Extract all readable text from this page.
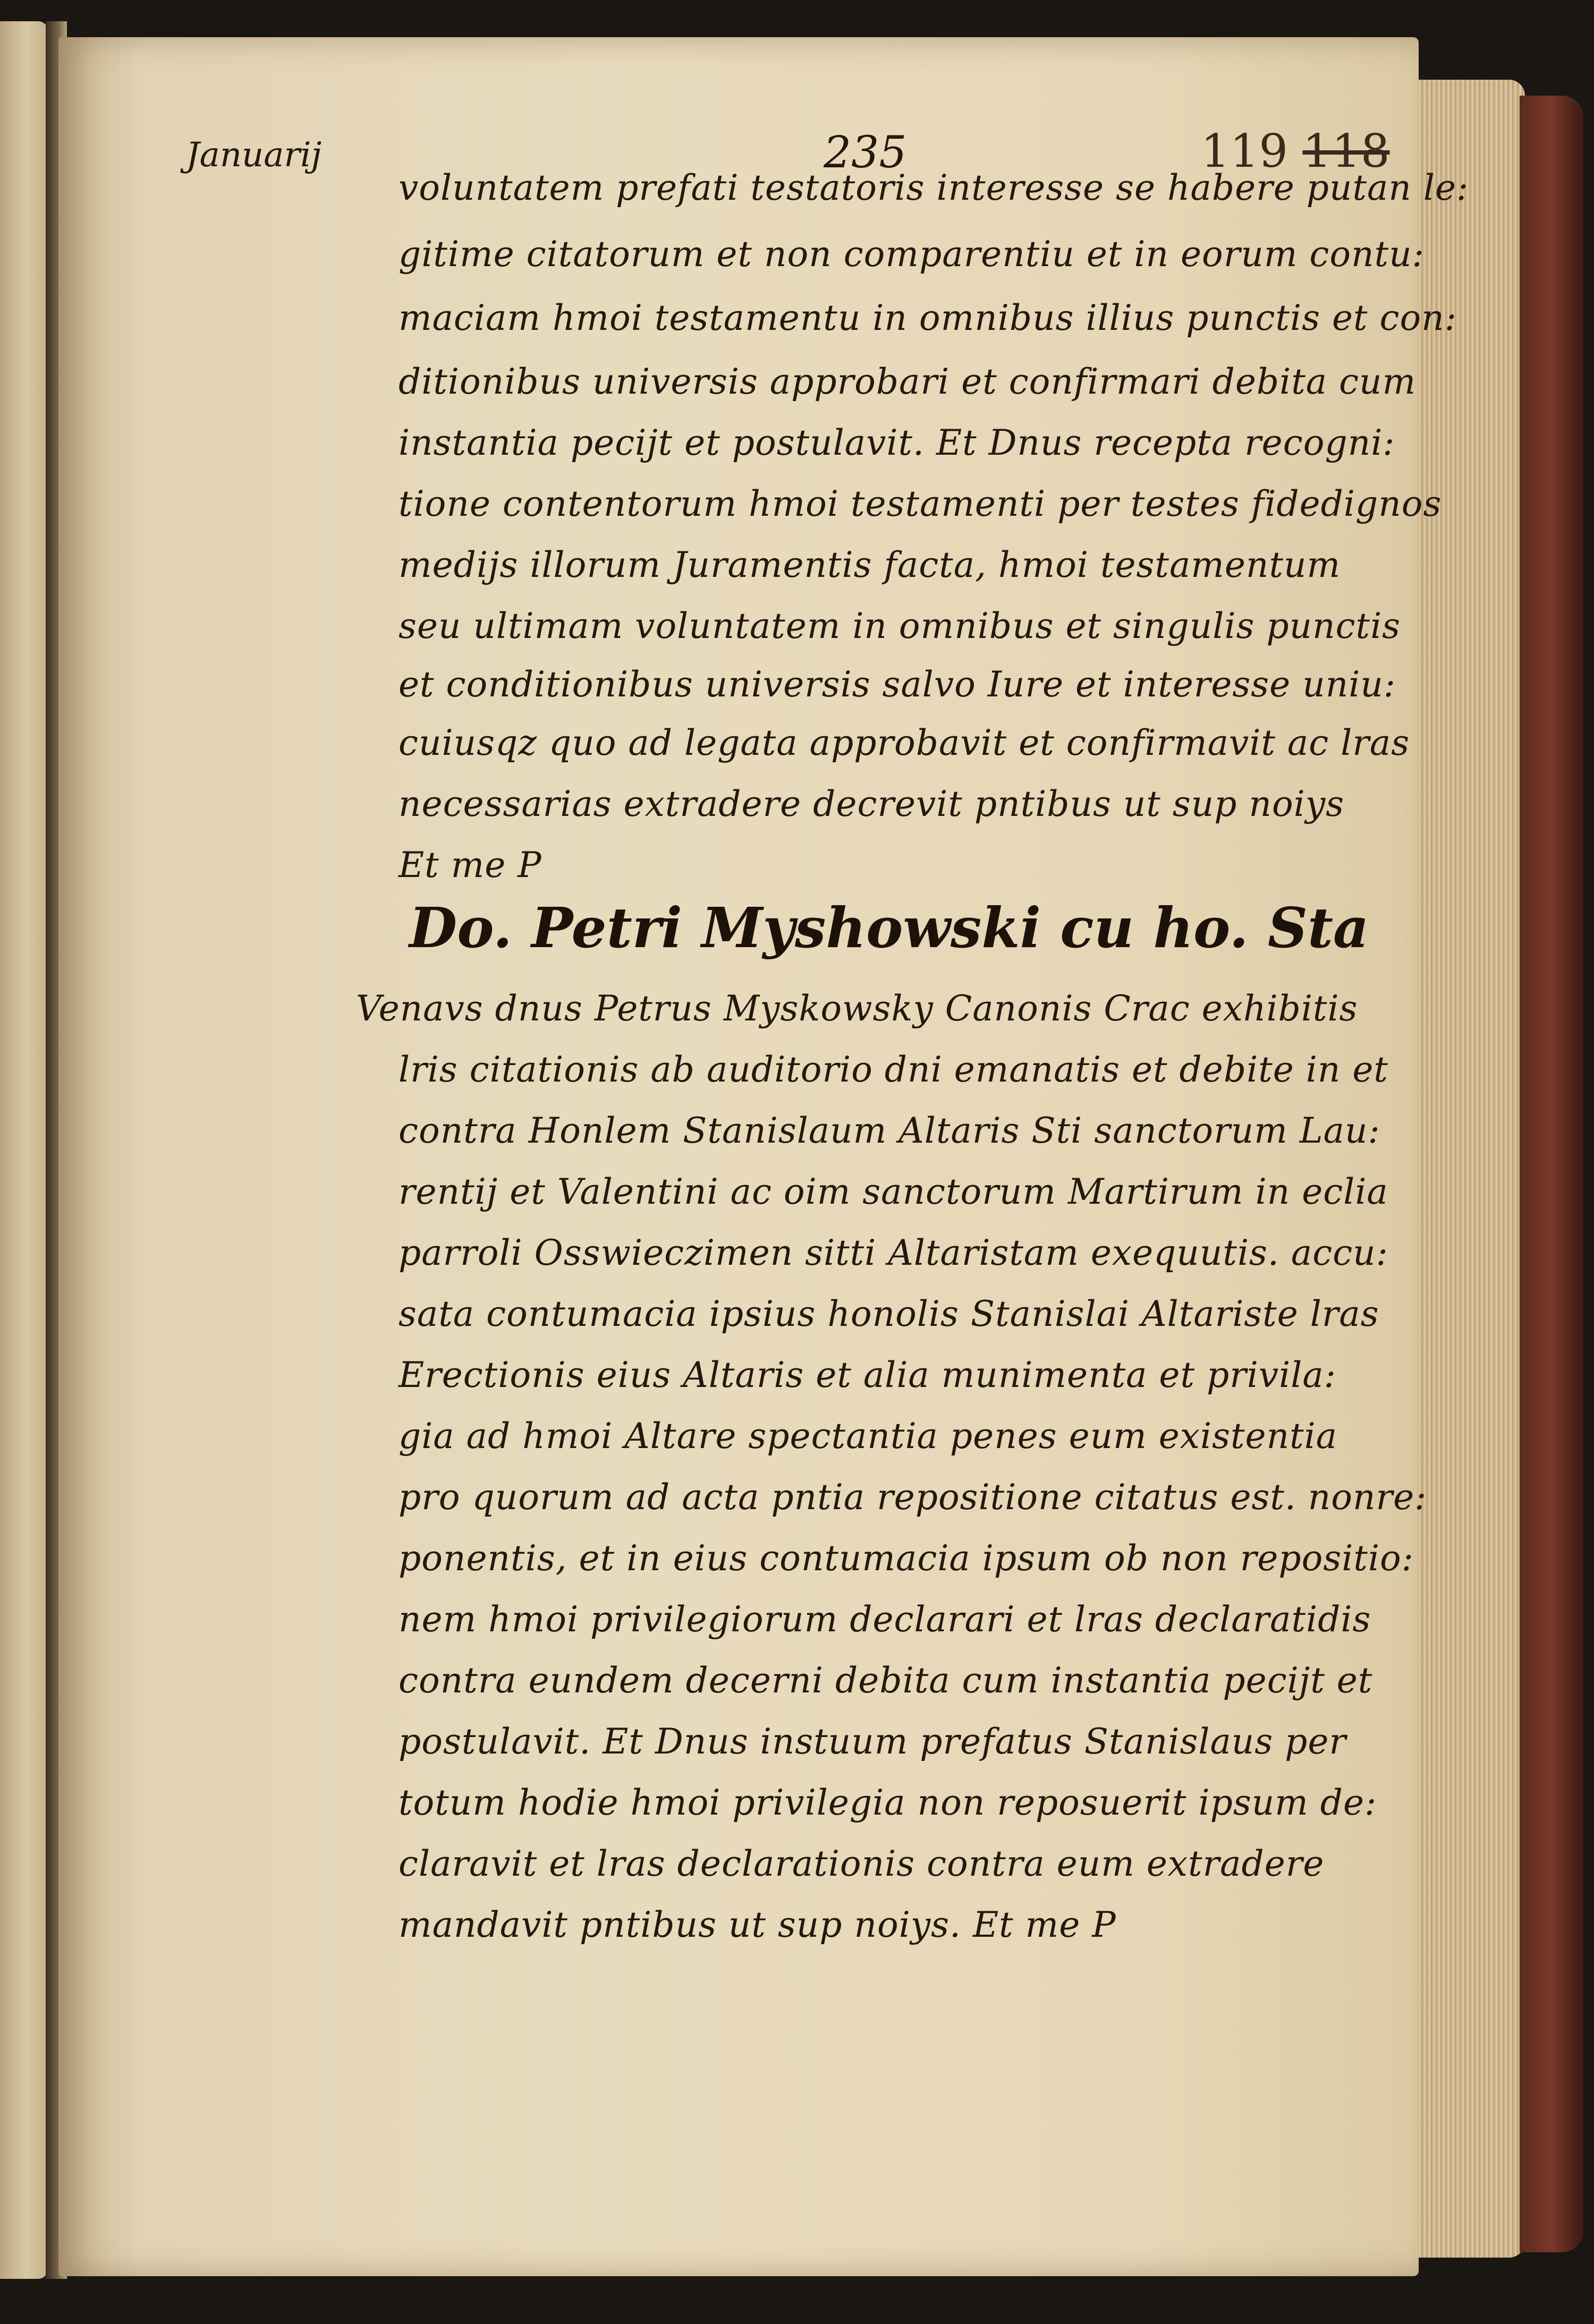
Januarij	235	119 118
voluntatem prefati testatoris interesse se habere putan le:
gitime citatorum et non comparentiu et in eorum contu:
maciam hmoi testamentu in omnibus illius punctis et con:
ditionibus universis approbari et confirmari debita cum
instantia pecijt et postulavit. Et Dnus recepta recogni:
tione contentorum hmoi testamenti per testes fidedignos
medijs illorum Juramentis facta, hmoi testamentum
seu ultimam voluntatem in omnibus et singulis punctis
et conditionibus universis salvo Iure et interesse uniu:
cuiusqz quo ad legata approbavit et confirmavit ac lras
necessarias extradere decrevit pntibus ut sup noiys
Et me P
Do. Petri Myshowski cu ho. Sta
Venavs dnus Petrus Myskowsky Canonis Crac exhibitis
lris citationis ab auditorio dni emanatis et debite in et
contra Honlem Stanislaum Altaris Sti sanctorum Lau:
rentij et Valentini ac oim sanctorum Martirum in eclia
parroli Osswieczimen sitti Altaristam exequutis. accu:
sata contumacia ipsius honolis Stanislai Altariste lras
Erectionis eius Altaris et alia munimenta et privila:
gia ad hmoi Altare spectantia penes eum existentia
pro quorum ad acta pntia repositione citatus est. nonre:
ponentis, et in eius contumacia ipsum ob non repositio:
nem hmoi privilegiorum declarari et lras declaratidis
contra eundem decerni debita cum instantia pecijt et
postulavit. Et Dnus instuum prefatus Stanislaus per
totum hodie hmoi privilegia non reposuerit ipsum de:
claravit et lras declarationis contra eum extradere
mandavit pntibus ut sup noiys. Et me P
